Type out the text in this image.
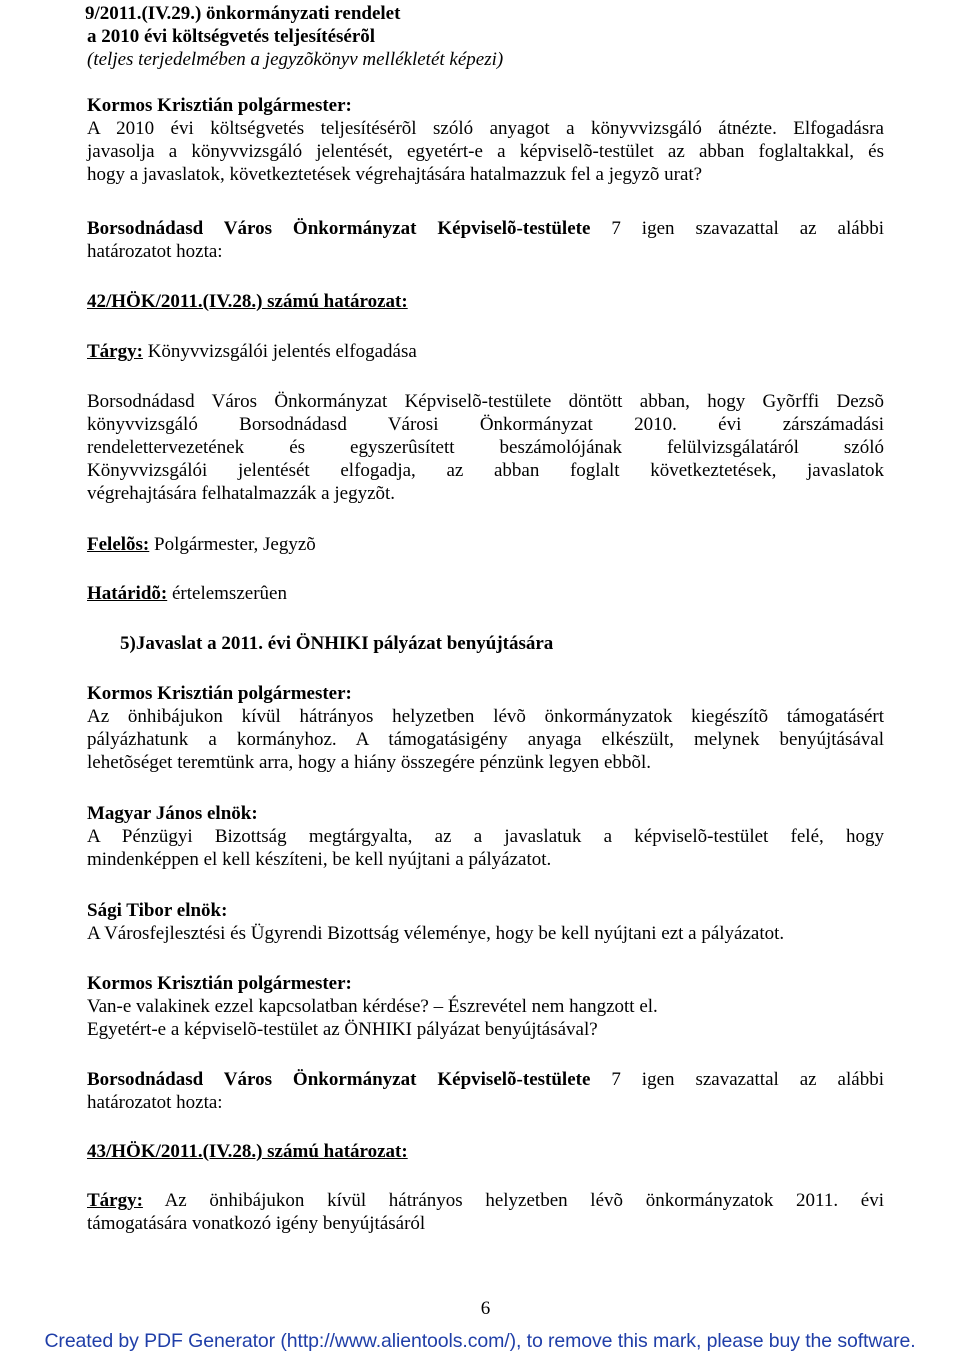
9/2011.(IV.29.) önkormányzati rendelet
a 2010 évi költségvetés teljesítésérõl
(teljes terjedelmében a jegyzõkönyv mellékletét képezi)
Kormos Krisztián polgármester:
A 2010 évi költségvetés teljesítésérõl szóló anyagot a könyvvizsgáló átnézte. Elfogadásra
javasolja a könyvvizsgáló jelentését, egyetért-e a képviselõ-testület az abban foglaltakkal, és
hogy a javaslatok, következtetések végrehajtására hatalmazzuk fel a jegyzõ urat?
Borsodnádasd Város Önkormányzat Képviselõ-testülete 7 igen szavazattal az alábbi
határozatot hozta:
42/HÖK/2011.(IV.28.) számú határozat:
Tárgy: Könyvvizsgálói jelentés elfogadása
Borsodnádasd Város Önkormányzat Képviselõ-testülete döntött abban, hogy Gyõrffi Dezsõ
könyvvizsgáló Borsodnádasd Városi Önkormányzat 2010. évi zárszámadási
rendelettervezetének és egyszerûsített beszámolójának felülvizsgálatáról szóló
Könyvvizsgálói jelentését elfogadja, az abban foglalt következtetések, javaslatok
végrehajtására felhatalmazzák a jegyzõt.
Felelõs: Polgármester, Jegyzõ
Határidõ: értelemszerûen
5)Javaslat a 2011. évi ÖNHIKI pályázat benyújtására
Kormos Krisztián polgármester:
Az önhibájukon kívül hátrányos helyzetben lévõ önkormányzatok kiegészítõ támogatásért
pályázhatunk a kormányhoz. A támogatásigény anyaga elkészült, melynek benyújtásával
lehetõséget teremtünk arra, hogy a hiány összegére pénzünk legyen ebbõl.
Magyar János elnök:
A Pénzügyi Bizottság megtárgyalta, az a javaslatuk a képviselõ-testület felé, hogy
mindenképpen el kell készíteni, be kell nyújtani a pályázatot.
Sági Tibor elnök:
A Városfejlesztési és Ügyrendi Bizottság véleménye, hogy be kell nyújtani ezt a pályázatot.
Kormos Krisztián polgármester:
Van-e valakinek ezzel kapcsolatban kérdése? – Észrevétel nem hangzott el.
Egyetért-e a képviselõ-testület az ÖNHIKI pályázat benyújtásával?
Borsodnádasd Város Önkormányzat Képviselõ-testülete 7 igen szavazattal az alábbi
határozatot hozta:
43/HÖK/2011.(IV.28.) számú határozat:
Tárgy: Az önhibájukon kívül hátrányos helyzetben lévõ önkormányzatok 2011. évi
támogatására vonatkozó igény benyújtásáról
6
Created by PDF Generator (http://www.alientools.com/), to remove this mark, please buy the software.
